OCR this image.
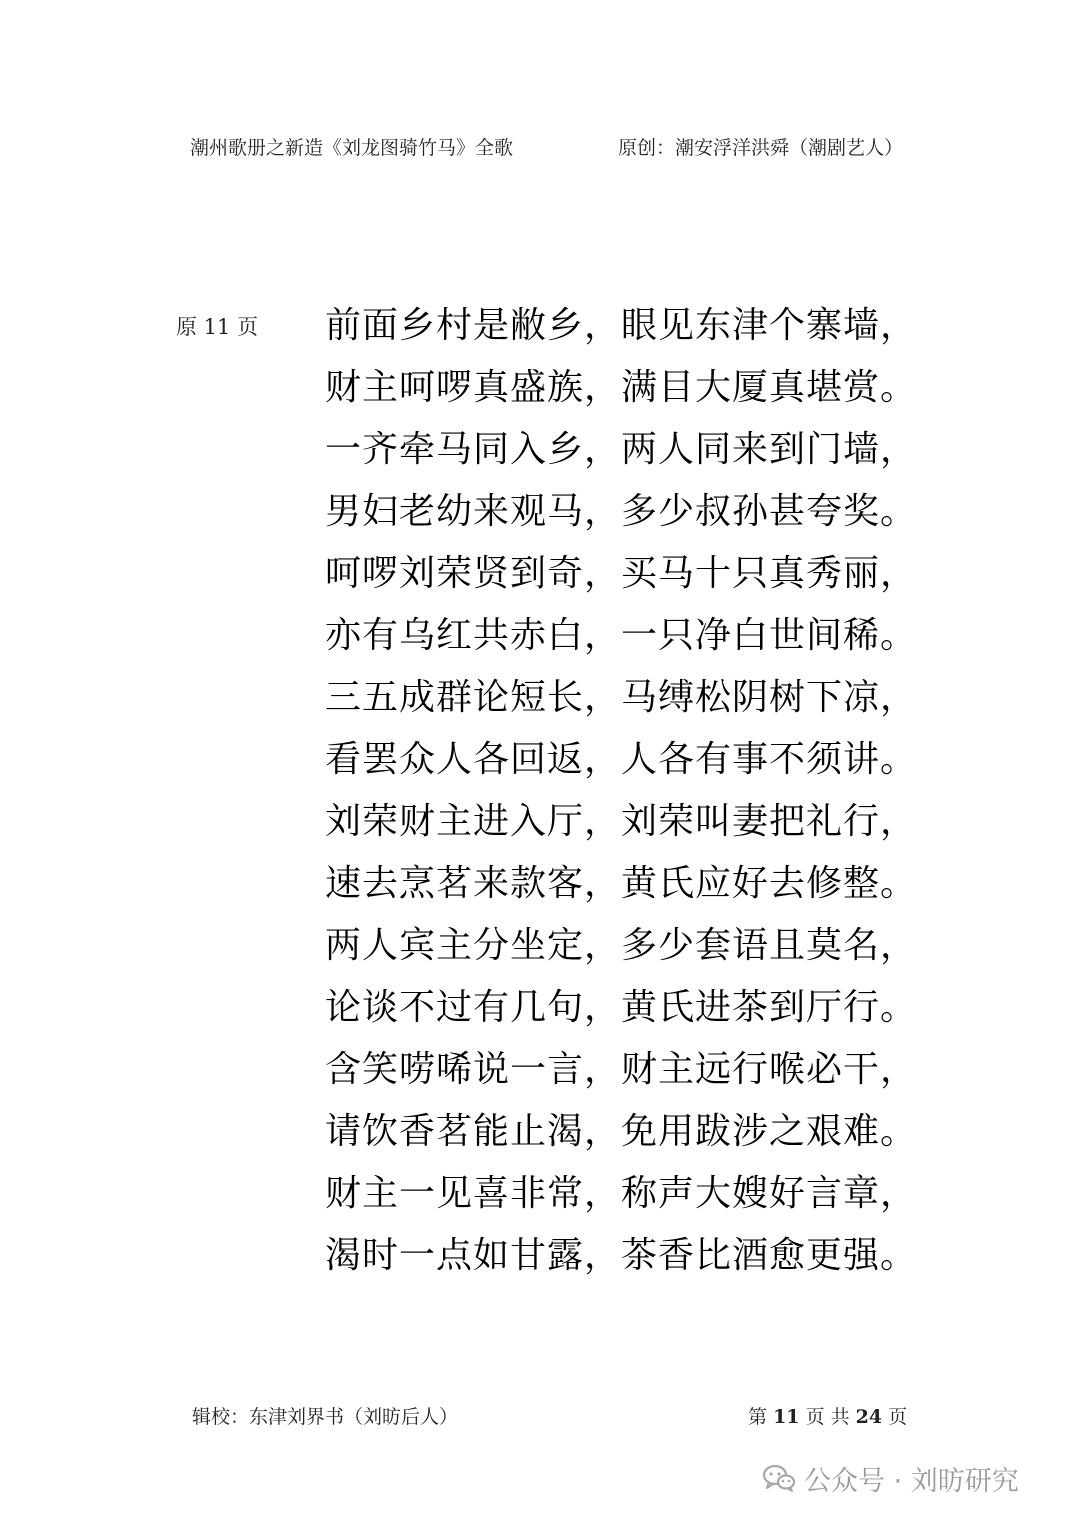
潮州歌册之新造《刘龙图骑竹马》全歌	原创：潮安浮洋洪舜（潮剧艺人）
原 11 页 前面乡村是敝乡，眼见东津个寨墙，
财主呵啰真盛族，满目大厦真堪赏。
一齐牵马同入乡，两人同来到门墙，
男妇老幼来观马，多少叔孙甚夸奖。
呵啰刘荣贤到奇，买马十只真秀丽，
亦有乌红共赤白，一只净白世间稀。
三五成群论短长，马缚松阴树下凉，
看罢众人各回返，人各有事不须讲。
刘荣财主进入厅，刘荣叫妻把礼行，
速去烹茗来款客，黄氏应好去修整。
两人宾主分坐定，多少套语且莫名，
论谈不过有几句，黄氏进茶到厅行。
含笑唠唏说一言，财主远行喉必干，
请饮香茗能止渴，免用跋涉之艰难。
财主一见喜非常，称声大嫂好言章，
渴时一点如甘露，茶香比酒愈更强。
辑校：东津刘界书（刘昉后人）	第 11 页 共 24 页
公众号 · 刘昉研究
